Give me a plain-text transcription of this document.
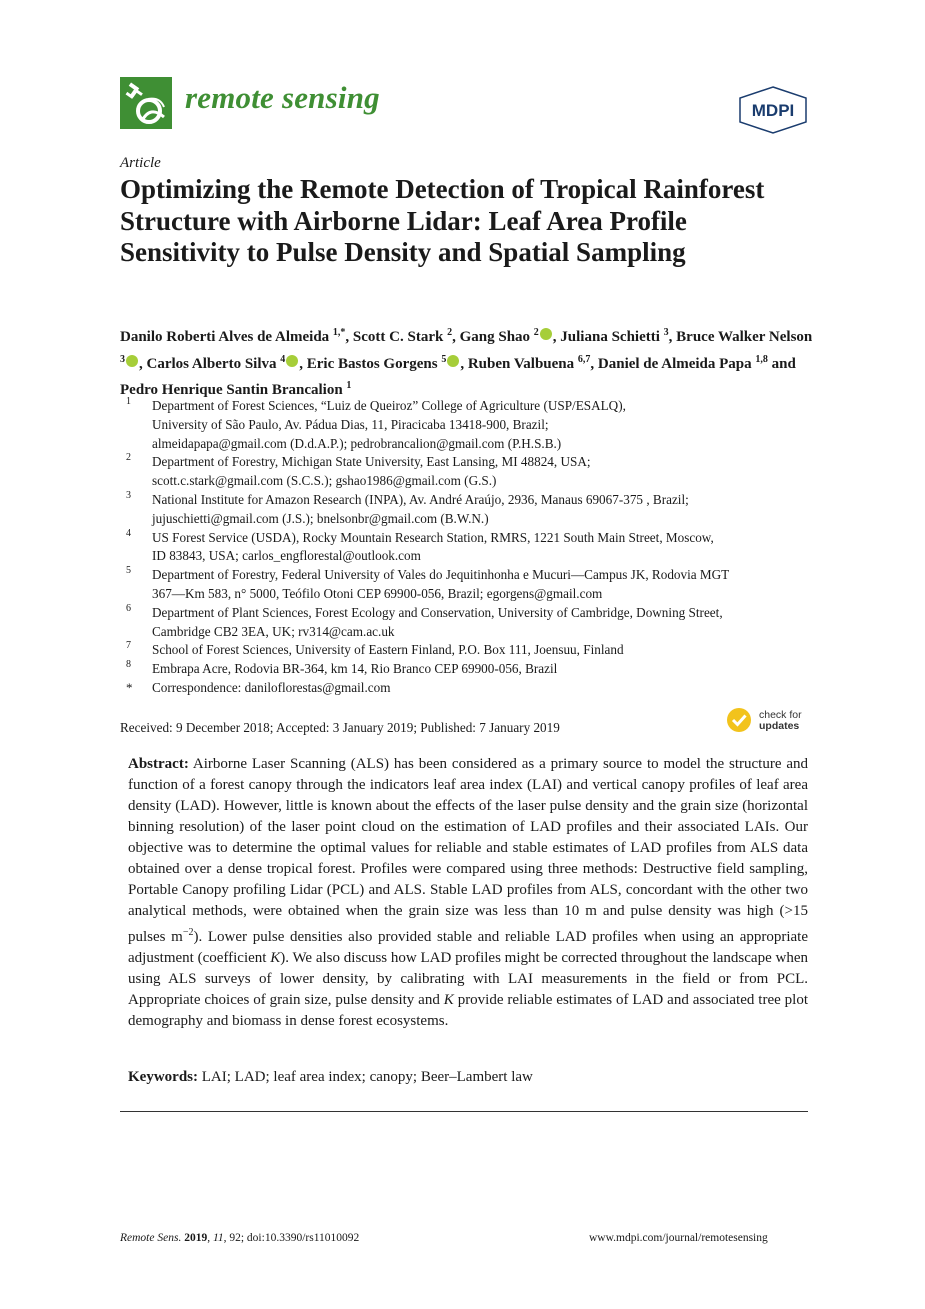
remote sensing	MDPI
Article
Optimizing the Remote Detection of Tropical Rainforest Structure with Airborne Lidar: Leaf Area Profile Sensitivity to Pulse Density and Spatial Sampling
Danilo Roberti Alves de Almeida $^{1,*}$, Scott C. Stark $^2$, Gang Shao $^2$ , Juliana Schietti $^3$, Bruce Walker Nelson $^3$ , Carlos Alberto Silva $^4$ , Eric Bastos Gorgens $^5$ , Ruben Valbuena $^{6,7}$, Daniel de Almeida Papa $^{1,8}$ and Pedro Henrique Santin Brancalion $^1$
1 Department of Forest Sciences, “Luiz de Queiroz” College of Agriculture (USP/ESALQ),
University of São Paulo, Av. Pádua Dias, 11, Piracicaba 13418-900, Brazil;
almeidapapa@gmail.com (D.d.A.P.); pedrobrancalion@gmail.com (P.H.S.B.)
2 Department of Forestry, Michigan State University, East Lansing, MI 48824, USA;
scott.c.stark@gmail.com (S.C.S.); gshao1986@gmail.com (G.S.)
3 National Institute for Amazon Research (INPA), Av. André Araújo, 2936, Manaus 69067-375 , Brazil;
jujuschietti@gmail.com (J.S.); bnelsonbr@gmail.com (B.W.N.)
4 US Forest Service (USDA), Rocky Mountain Research Station, RMRS, 1221 South Main Street, Moscow,
ID 83843, USA; carlos_engflorestal@outlook.com
5 Department of Forestry, Federal University of Vales do Jequitinhonha e Mucuri—Campus JK, Rodovia MGT
367—Km 583, n° 5000, Teófilo Otoni CEP 69900-056, Brazil; egorgens@gmail.com
6 Department of Plant Sciences, Forest Ecology and Conservation, University of Cambridge, Downing Street,
Cambridge CB2 3EA, UK; rv314@cam.ac.uk
7 School of Forest Sciences, University of Eastern Finland, P.O. Box 111, Joensuu, Finland
8 Embrapa Acre, Rodovia BR-364, km 14, Rio Branco CEP 69900-056, Brazil
* Correspondence: daniloflorestas@gmail.com
Received: 9 December 2018; Accepted: 3 January 2019; Published: 7 January 2019
check for
updates

Abstract: Airborne Laser Scanning (ALS) has been considered as a primary source to model the structure and function of a forest canopy through the indicators leaf area index (LAI) and vertical canopy profiles of leaf area density (LAD). However, little is known about the effects of the laser pulse density and the grain size (horizontal binning resolution) of the laser point cloud on the estimation of LAD profiles and their associated LAIs. Our objective was to determine the optimal values for reliable and stable estimates of LAD profiles from ALS data obtained over a dense tropical forest. Profiles were compared using three methods: Destructive field sampling, Portable Canopy profiling Lidar (PCL) and ALS. Stable LAD profiles from ALS, concordant with the other two analytical methods, were obtained when the grain size was less than 10 m and pulse density was high (>15 pulses $m^{-2}$). Lower pulse densities also provided stable and reliable LAD profiles when using an appropriate adjustment (coefficient K). We also discuss how LAD profiles might be corrected throughout the landscape when using ALS surveys of lower density, by calibrating with LAI measurements in the field or from PCL. Appropriate choices of grain size, pulse density and K provide reliable estimates of LAD and associated tree plot demography and biomass in dense forest ecosystems.

Keywords: LAI; LAD; leaf area index; canopy; Beer–Lambert law
Remote Sens. 2019, 11, 92; doi:10.3390/rs11010092	www.mdpi.com/journal/remotesensing
